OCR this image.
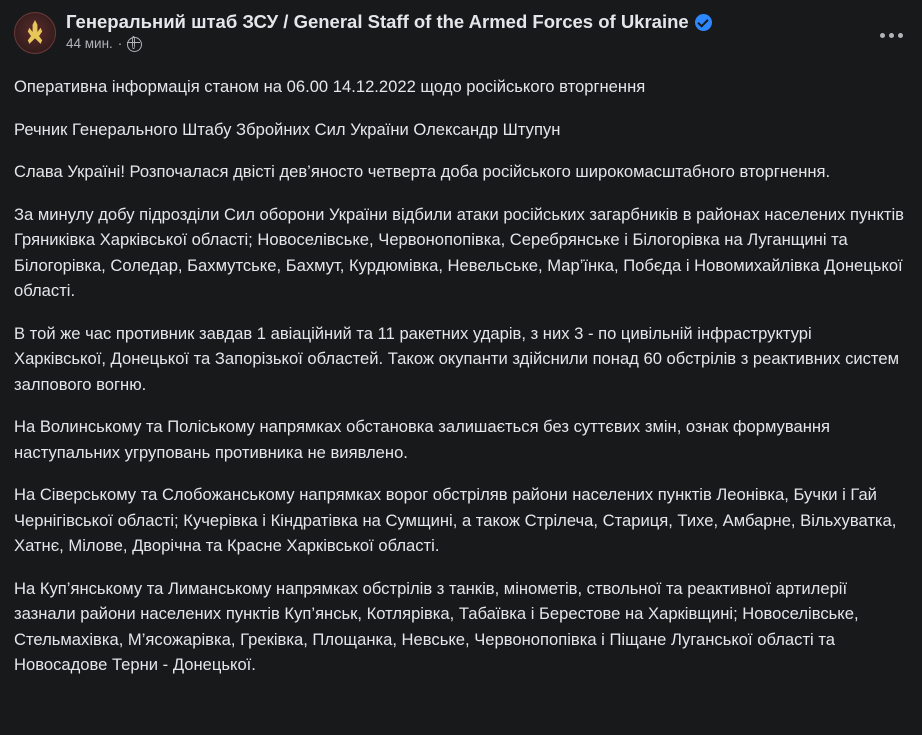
Генеральний штаб ЗСУ / General Staff of the Armed Forces of Ukraine
44 мин. ·

Оперативна інформація станом на 06.00 14.12.2022 щодо російського вторгнення

Речник Генерального Штабу Збройних Сил України Олександр Штупун

Слава Україні! Розпочалася двісті дев’яносто четверта доба російського широкомасштабного вторгнення.

За минулу добу підрозділи Сил оборони України відбили атаки російських загарбників в районах населених пунктів Гряниківка Харківської області; Новоселівське, Червонопопівка, Серебрянське і Білогорівка на Луганщині та Білогорівка, Соледар, Бахмутське, Бахмут, Курдюмівка, Невельське, Мар’їнка, Побєда і Новомихайлівка Донецької області.

В той же час противник завдав 1 авіаційний та 11 ракетних ударів, з них 3 - по цивільній інфраструктурі Харківської, Донецької та Запорізької областей. Також окупанти здійснили понад 60 обстрілів з реактивних систем залпового вогню.

На Волинському та Поліському напрямках обстановка залишається без суттєвих змін, ознак формування наступальних угруповань противника не виявлено.

На Сіверському та Слобожанському напрямках ворог обстріляв райони населених пунктів Леонівка, Бучки і Гай Чернігівської області; Кучерівка і Кіндратівка на Сумщині, а також Стрілеча, Стариця, Тихе, Амбарне, Вільхуватка, Хатнє, Мілове, Дворічна та Красне Харківської області.

На Куп’янському та Лиманському напрямках обстрілів з танків, мінометів, ствольної та реактивної артилерії зазнали райони населених пунктів Куп’янськ, Котлярівка, Табаївка і Берестове на Харківщині; Новоселівське, Стельмахівка, М’ясожарівка, Греківка, Площанка, Невське, Червонопопівка і Піщане Луганської області та Новосадове Терни - Донецької.
